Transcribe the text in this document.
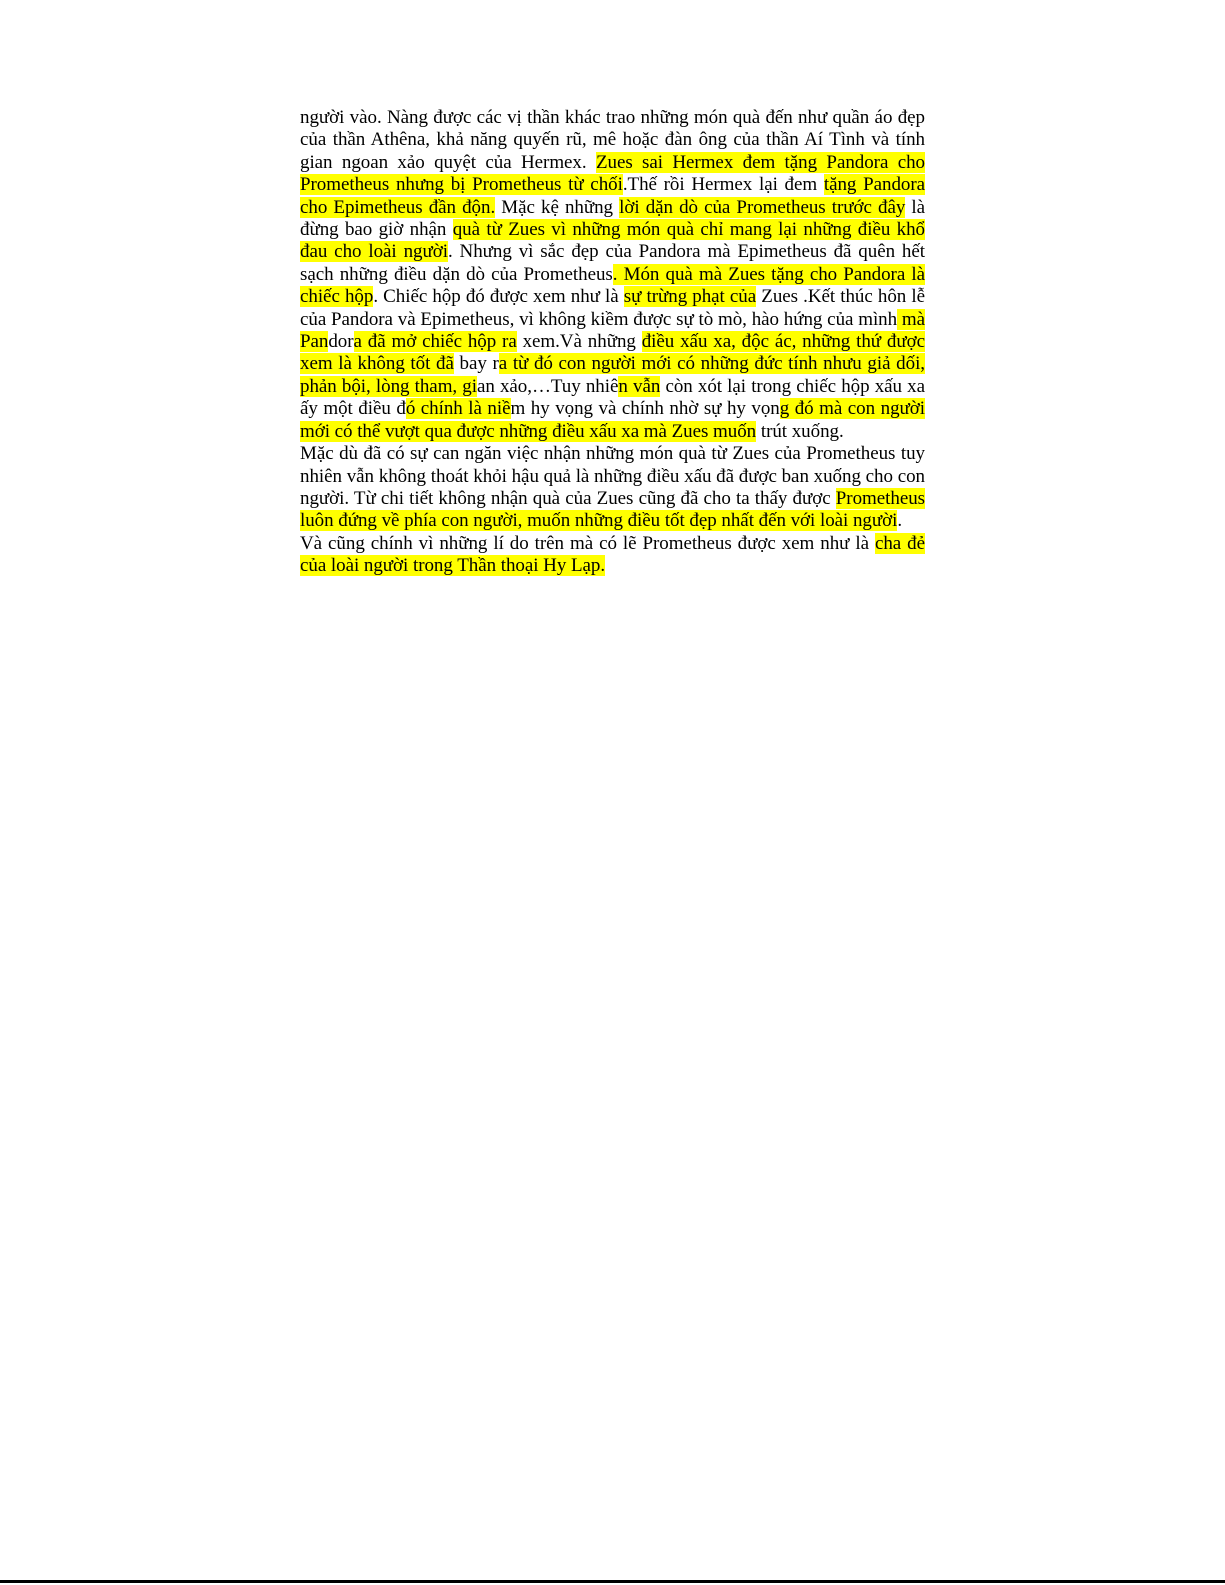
người vào. Nàng được các vị thần khác trao những món quà đến như quần áo đẹp của thần Athêna, khả năng quyến rũ, mê hoặc đàn ông của thần Aí Tình và tính gian ngoan xảo quyệt của Hermex. Zues sai Hermex đem tặng Pandora cho Prometheus nhưng bị Prometheus từ chối.Thế rồi Hermex lại đem tặng Pandora cho Epimetheus đần độn. Mặc kệ những lời dặn dò của Prometheus trước đây là đừng bao giờ nhận quà từ Zues vì những món quà chỉ mang lại những điều khổ đau cho loài người. Nhưng vì sắc đẹp của Pandora mà Epimetheus đã quên hết sạch những điều dặn dò của Prometheus. Món quà mà Zues tặng cho Pandora là chiếc hộp. Chiếc hộp đó được xem như là sự trừng phạt của Zues .Kết thúc hôn lễ của Pandora và Epimetheus, vì không kiềm được sự tò mò, hào hứng của mình mà Pandora đã mở chiếc hộp ra xem.Và những điều xấu xa, độc ác, những thứ được xem là không tốt đã bay ra từ đó con người mới có những đức tính nhưu giả dối, phản bội, lòng tham, gian xảo,…Tuy nhiên vẫn còn xót lại trong chiếc hộp xấu xa ấy một điều đó chính là niềm hy vọng và chính nhờ sự hy vọng đó mà con người mới có thể vượt qua được những điều xấu xa mà Zues muốn trút xuống.

Mặc dù đã có sự can ngăn việc nhận những món quà từ Zues của Prometheus tuy nhiên vẫn không thoát khỏi hậu quả là những điều xấu đã được ban xuống cho con người. Từ chi tiết không nhận quà của Zues cũng đã cho ta thấy được Prometheus luôn đứng về phía con người, muốn những điều tốt đẹp nhất đến với loài người.

Và cũng chính vì những lí do trên mà có lẽ Prometheus được xem như là cha đẻ của loài người trong Thần thoại Hy Lạp.
